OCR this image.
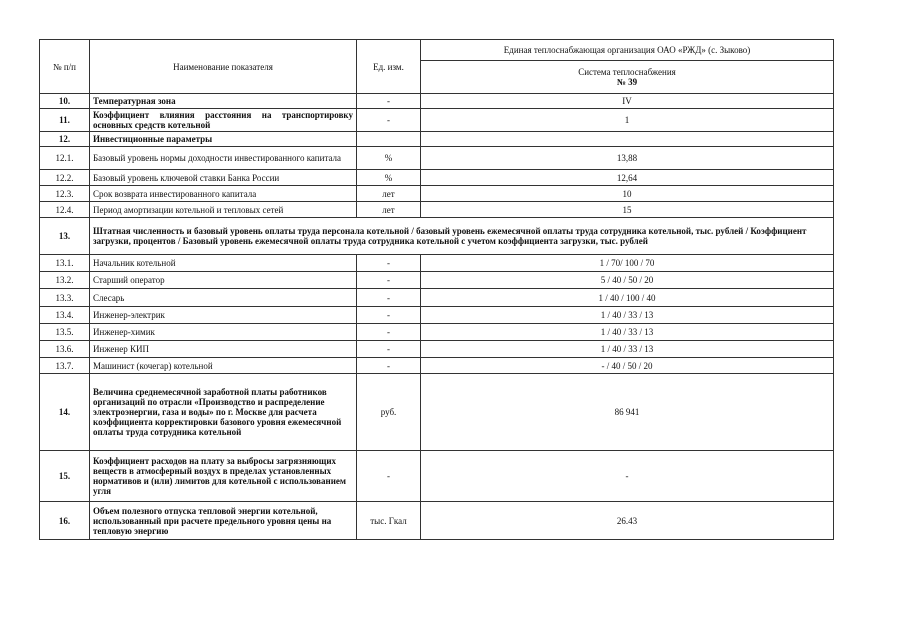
№ п/п	Наименование показателя	Ед. изм.	Единая теплоснабжающая организация ОАО «РЖД» (с. Зыково)

			Система теплоснабжения
№ 39

10.	Температурная зона	-	IV
11.	Коэффициент влияния расстояния на транспортировку основных средств котельной	-	1
12.	Инвестиционные параметры		
12.1.	Базовый уровень нормы доходности инвестированного капитала	%	13,88
12.2.	Базовый уровень ключевой ставки Банка России	%	12,64
12.3.	Срок возврата инвестированного капитала	лет	10
12.4.	Период амортизации котельной и тепловых сетей	лет	15
13.	Штатная численность и базовый уровень оплаты труда персонала котельной / базовый уровень ежемесячной оплаты труда сотрудника котельной, тыс. рублей / Коэффициент загрузки, процентов / Базовый уровень ежемесячной оплаты труда сотрудника котельной с учетом коэффициента загрузки, тыс. рублей		
13.1.	Начальник котельной	-	1 / 70/ 100 / 70
13.2.	Старший оператор	-	5 / 40 / 50 / 20
13.3.	Слесарь	-	1 / 40 / 100 / 40
13.4.	Инженер-электрик	-	1 / 40 / 33 / 13
13.5.	Инженер-химик	-	1 / 40 / 33 / 13
13.6.	Инженер КИП	-	1 / 40 / 33 / 13
13.7.	Машинист (кочегар) котельной	-	- / 40 / 50 / 20
14.	Величина среднемесячной заработной платы работников организаций по отрасли «Производство и распределение электроэнергии, газа и воды» по г. Москве для расчета коэффициента корректировки базового уровня ежемесячной оплаты труда сотрудника котельной	руб.	86 941
15.	Коэффициент расходов на плату за выбросы загрязняющих веществ в атмосферный воздух в пределах установленных нормативов и (или) лимитов для котельной с использованием угля	-	-
16.	Объем полезного отпуска тепловой энергии котельной, использованный при расчете предельного уровня цены на тепловую энергию	тыс. Гкал	26.43
